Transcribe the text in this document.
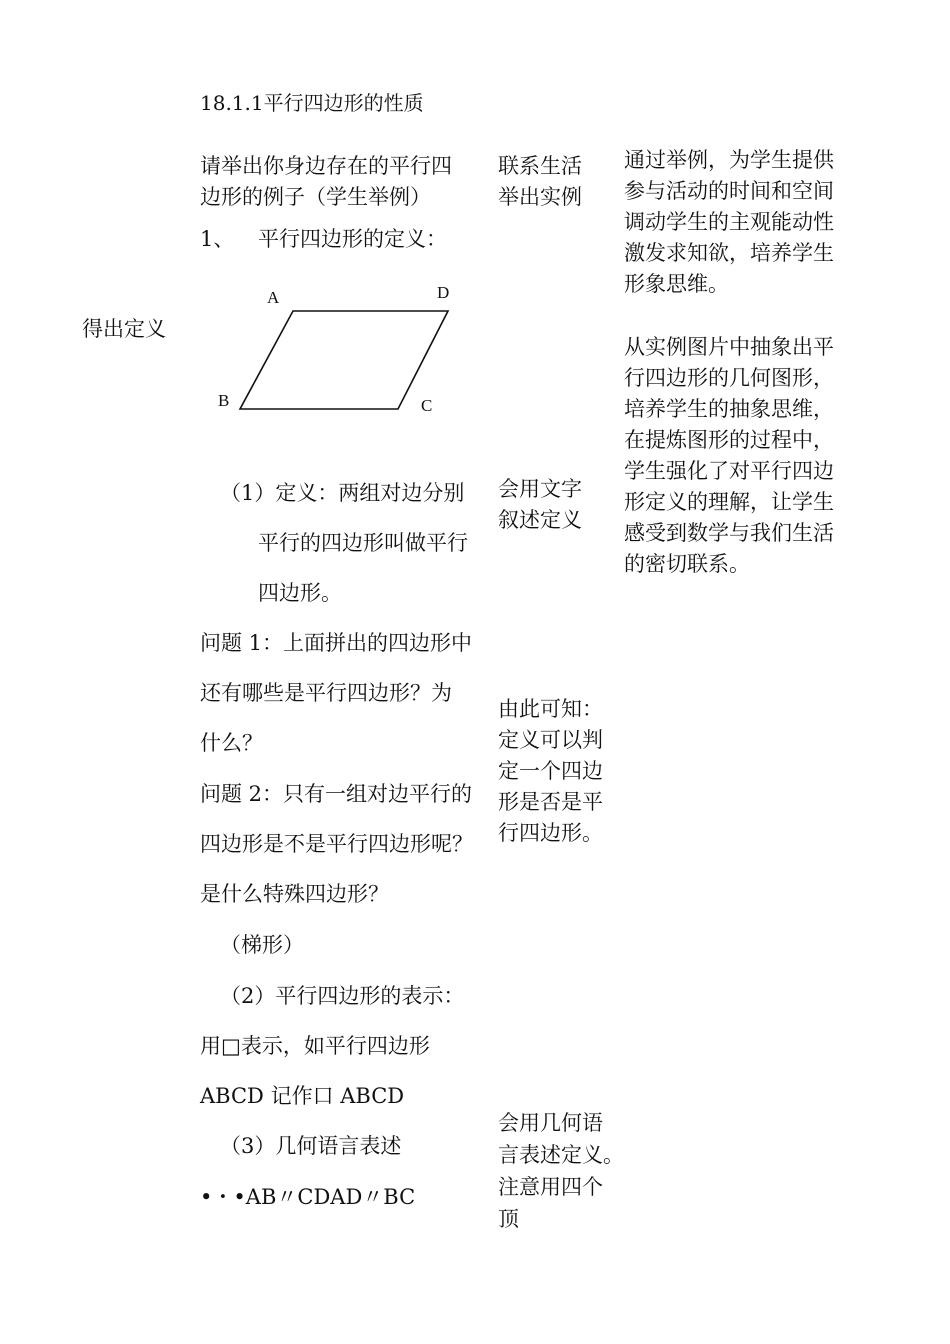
18.1.1平行四边形的性质
得出定义
请举出你身边存在的平行四
边形的例子（学生举例）
1、 平行四边形的定义：
A	D
B	C
（1）定义：两组对边分别
平行的四边形叫做平行
四边形。
问题 1：上面拼出的四边形中
还有哪些是平行四边形？为
什么？
问题 2：只有一组对边平行的
四边形是不是平行四边形呢？
是什么特殊四边形？
（梯形）
（2）平行四边形的表示：
用□表示，如平行四边形
ABCD 记作口 ABCD
（3）几何语言表述
•・•AB〃CDAD〃BC
联系生活
举出实例
会用文字
叙述定义
由此可知：
定义可以判
定一个四边
形是否是平
行四边形。
会用几何语
言表述定义。
注意用四个
顶
通过举例，为学生提供
参与活动的时间和空间
调动学生的主观能动性
激发求知欲，培养学生
形象思维。
从实例图片中抽象出平
行四边形的几何图形，
培养学生的抽象思维，
在提炼图形的过程中，
学生强化了对平行四边
形定义的理解，让学生
感受到数学与我们生活
的密切联系。
